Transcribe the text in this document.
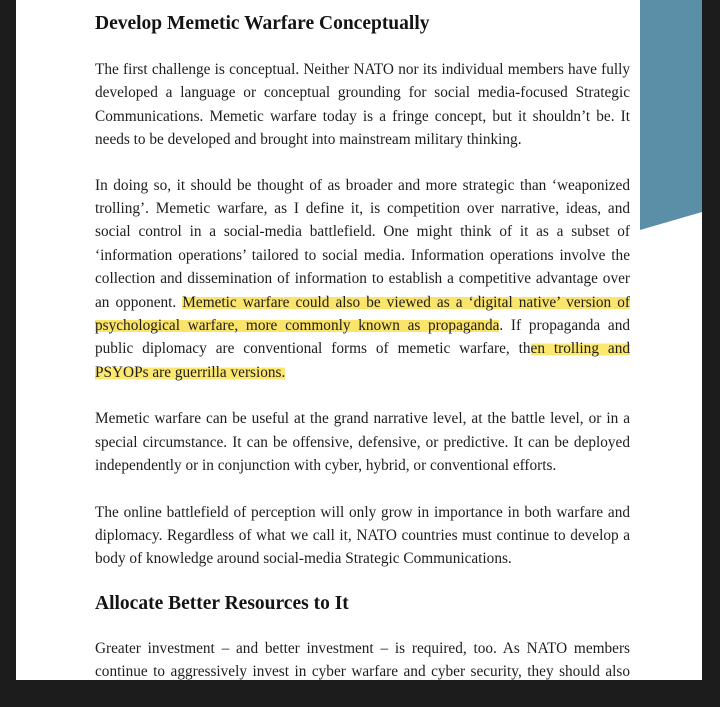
Develop Memetic Warfare Conceptually

The first challenge is conceptual. Neither NATO nor its individual members have fully developed a language or conceptual grounding for social media-focused Strategic Communications. Memetic warfare today is a fringe concept, but it shouldn’t be. It needs to be developed and brought into mainstream military thinking.

In doing so, it should be thought of as broader and more strategic than ‘weaponized trolling’. Memetic warfare, as I define it, is competition over narrative, ideas, and social control in a social-media battlefield. One might think of it as a subset of ‘information operations’ tailored to social media. Information operations involve the collection and dissemination of information to establish a competitive advantage over an opponent. Memetic warfare could also be viewed as a ‘digital native’ version of psychological warfare, more commonly known as propaganda. If propaganda and public diplomacy are conventional forms of memetic warfare, then trolling and PSYOPs are guerrilla versions.

Memetic warfare can be useful at the grand narrative level, at the battle level, or in a special circumstance. It can be offensive, defensive, or predictive. It can be deployed independently or in conjunction with cyber, hybrid, or conventional efforts.

The online battlefield of perception will only grow in importance in both warfare and diplomacy. Regardless of what we call it, NATO countries must continue to develop a body of knowledge around social-media Strategic Communications.

Allocate Better Resources to It

Greater investment – and better investment – is required, too. As NATO members continue to aggressively invest in cyber warfare and cyber security, they should also invest in memetic warfare.
